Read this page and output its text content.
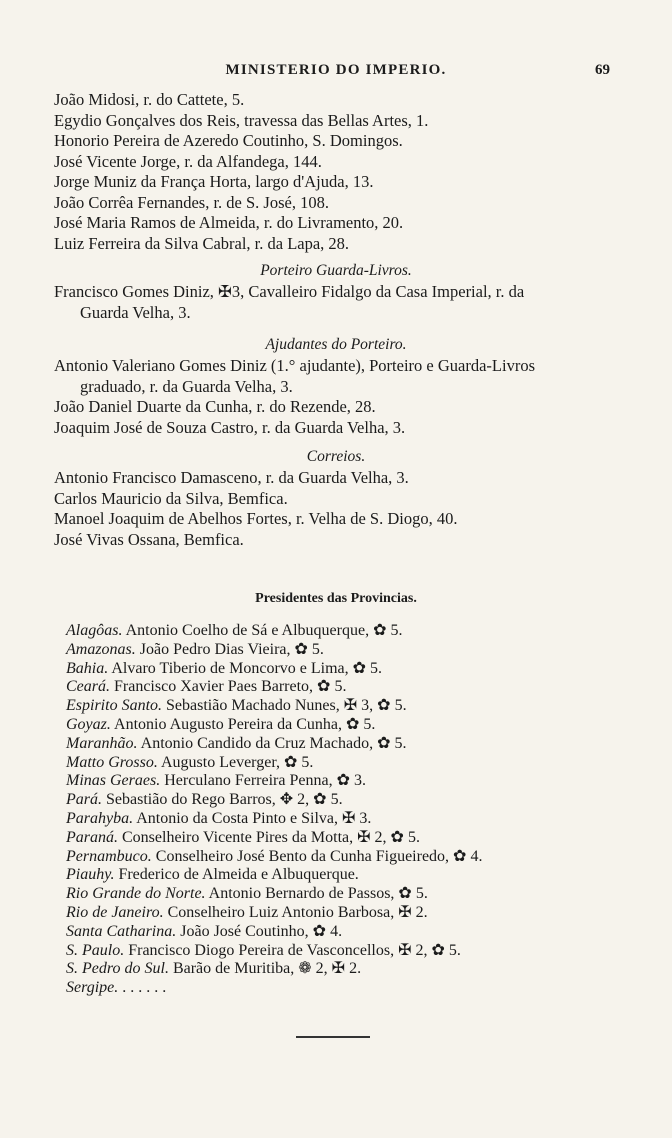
MINISTERIO DO IMPERIO.	69
João Midosi, r. do Cattete, 5.
Egydio Gonçalves dos Reis, travessa das Bellas Artes, 1.
Honorio Pereira de Azeredo Coutinho, S. Domingos.
José Vicente Jorge, r. da Alfandega, 144.
Jorge Muniz da França Horta, largo d'Ajuda, 13.
João Corrêa Fernandes, r. de S. José, 108.
José Maria Ramos de Almeida, r. do Livramento, 20.
Luiz Ferreira da Silva Cabral, r. da Lapa, 28.
Porteiro Guarda-Livros.
Francisco Gomes Diniz, ✠3, Cavalleiro Fidalgo da Casa Imperial, r. da
Guarda Velha, 3.
Ajudantes do Porteiro.
Antonio Valeriano Gomes Diniz (1.° ajudante), Porteiro e Guarda-Livros
graduado, r. da Guarda Velha, 3.
João Daniel Duarte da Cunha, r. do Rezende, 28.
Joaquim José de Souza Castro, r. da Guarda Velha, 3.
Correios.
Antonio Francisco Damasceno, r. da Guarda Velha, 3.
Carlos Mauricio da Silva, Bemfica.
Manoel Joaquim de Abelhos Fortes, r. Velha de S. Diogo, 40.
José Vivas Ossana, Bemfica.
Presidentes das Provincias.
Alagôas. Antonio Coelho de Sá e Albuquerque, ✿ 5.
Amazonas. João Pedro Dias Vieira, ✿ 5.
Bahia. Alvaro Tiberio de Moncorvo e Lima, ✿ 5.
Ceará. Francisco Xavier Paes Barreto, ✿ 5.
Espirito Santo. Sebastião Machado Nunes, ✠ 3, ✿ 5.
Goyaz. Antonio Augusto Pereira da Cunha, ✿ 5.
Maranhão. Antonio Candido da Cruz Machado, ✿ 5.
Matto Grosso. Augusto Leverger, ✿ 5.
Minas Geraes. Herculano Ferreira Penna, ✿ 3.
Pará. Sebastião do Rego Barros, ✥ 2, ✿ 5.
Parahyba. Antonio da Costa Pinto e Silva, ✠ 3.
Paraná. Conselheiro Vicente Pires da Motta, ✠ 2, ✿ 5.
Pernambuco. Conselheiro José Bento da Cunha Figueiredo, ✿ 4.
Piauhy. Frederico de Almeida e Albuquerque.
Rio Grande do Norte. Antonio Bernardo de Passos, ✿ 5.
Rio de Janeiro. Conselheiro Luiz Antonio Barbosa, ✠ 2.
Santa Catharina. João José Coutinho, ✿ 4.
S. Paulo. Francisco Diogo Pereira de Vasconcellos, ✠ 2, ✿ 5.
S. Pedro do Sul. Barão de Muritiba, ❁ 2, ✠ 2.
Sergipe. . . . . . .
